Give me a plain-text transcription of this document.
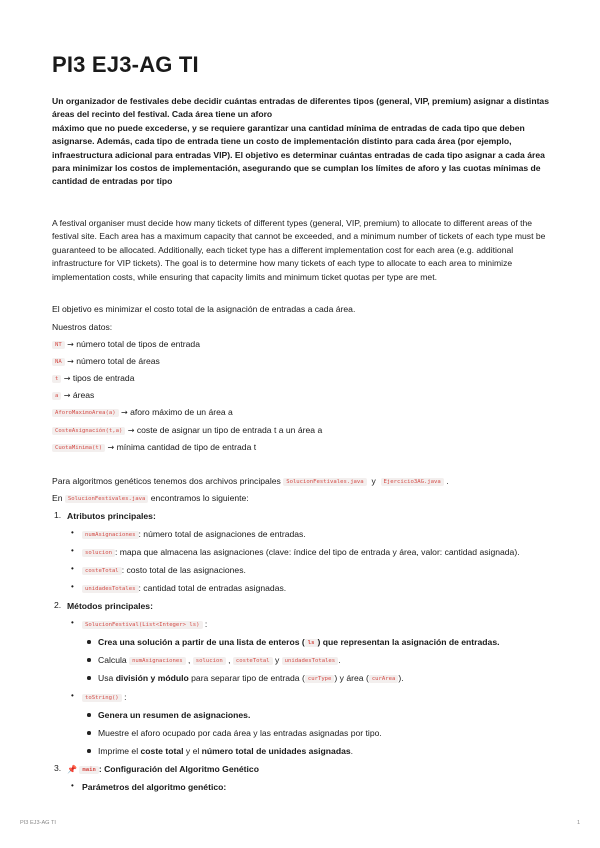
PI3 EJ3-AG TI
Un organizador de festivales debe decidir cuántas entradas de diferentes tipos (general, VIP, premium) asignar a distintas áreas del recinto del festival. Cada área tiene un aforo
máximo que no puede excederse, y se requiere garantizar una cantidad mínima de entradas de cada tipo que deben asignarse. Además, cada tipo de entrada tiene un costo de implementación distinto para cada área (por ejemplo, infraestructura adicional para entradas VIP). El objetivo es determinar cuántas entradas de cada tipo asignar a cada área
para minimizar los costos de implementación, asegurando que se cumplan los límites de aforo y las cuotas mínimas de cantidad de entradas por tipo
A festival organiser must decide how many tickets of different types (general, VIP, premium) to allocate to different areas of the festival site. Each area has a maximum capacity that cannot be exceeded, and a minimum number of tickets of each type must be guaranteed to be allocated. Additionally, each ticket type has a different implementation cost for each area (e.g. additional infrastructure for VIP tickets). The goal is to determine how many tickets of each type to allocate to each area to minimize implementation costs, while ensuring that capacity limits and minimum ticket quotas per type are met.
El objetivo es minimizar el costo total de la asignación de entradas a cada área.
Nuestros datos:
NT → número total de tipos de entrada
NA → número total de áreas
t → tipos de entrada
a → áreas
AforoMaximoArea(a) → aforo máximo de un área a
CosteAsignación(t,a) → coste de asignar un tipo de entrada t a un área a
CuotaMinima(t) → mínima cantidad de tipo de entrada t
Para algoritmos genéticos tenemos dos archivos principales SolucionFestivales.java y Ejercicio3AG.java .
En SolucionFestivales.java encontramos lo siguiente:
1. Atributos principales:
•	numAsignaciones : número total de asignaciones de entradas.
•	solucion : mapa que almacena las asignaciones (clave: índice del tipo de entrada y área, valor: cantidad asignada).
•	costeTotal : costo total de las asignaciones.
•	unidadesTotales : cantidad total de entradas asignadas.
2. Métodos principales:
•	SolucionFestival(List<Integer> ls) :
Crea una solución a partir de una lista de enteros ( ls ) que representan la asignación de entradas.
Calcula numAsignaciones , solucion , costeTotal y unidadesTotales .
Usa división y módulo para separar tipo de entrada ( curType ) y área ( curArea ).
•	toString() :
Genera un resumen de asignaciones.
Muestre el aforo ocupado por cada área y las entradas asignadas por tipo.
Imprime el coste total y el número total de unidades asignadas.
3. 📌 main : Configuración del Algoritmo Genético
• Parámetros del algoritmo genético:
PI3 EJ3-AG TI	1
